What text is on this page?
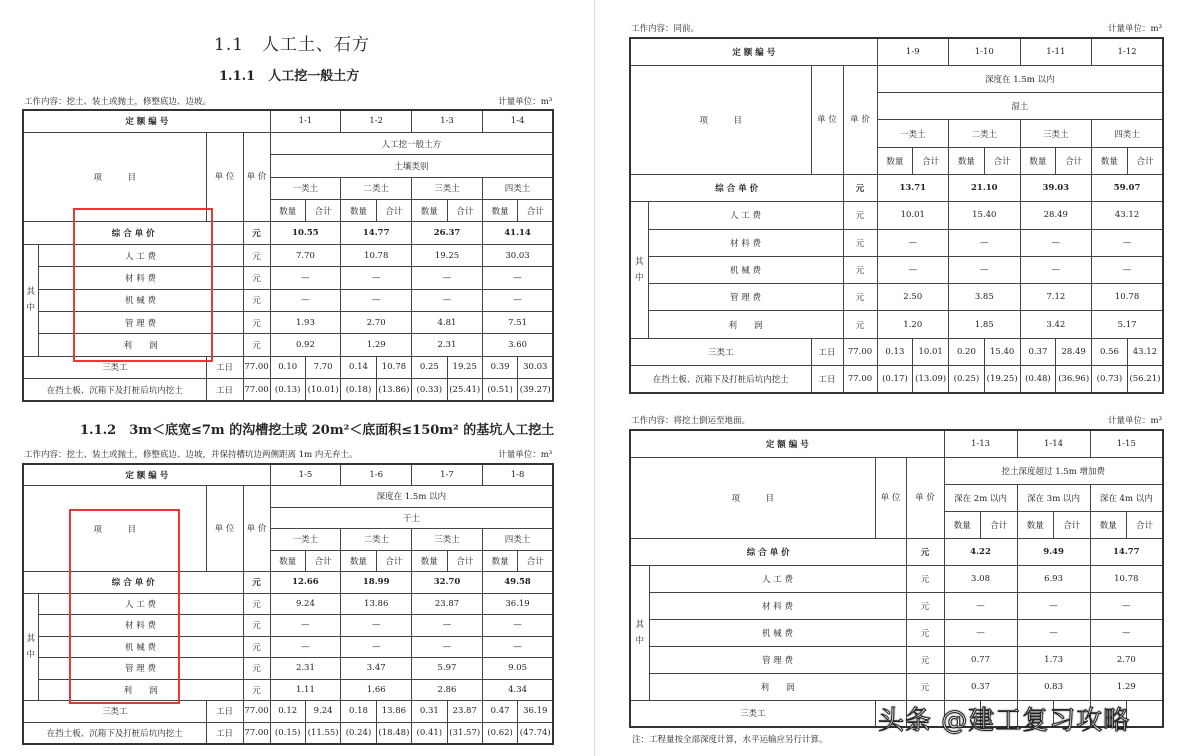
1.1　人工土、石方
1.1.1　人工挖一般土方
1.1.2　3m＜底宽≤7m 的沟槽挖土或 20m²＜底面积≤150m² 的基坑人工挖土
工作内容：挖土、装土或抛土，修整底边、边坡。	计量单位：m³
定 额 编 号				1-1		1-2		1-3		1-4	
项　　　目		单 位	单 价	人工挖一般土方							
				土壤类别							
				一类土		二类土		三类土		四类土	
				数量	合计	数量	合计	数量	合计	数量	合计
综 合 单 价			元	10.55		14.77		26.37		41.14	
其 中	人 工 费		元	7.70		10.78		19.25		30.03	
	材 料 费		元	—		—		—		—	
	机 械 费		元	—		—		—		—	
	管 理 费		元	1.93		2.70		4.81		7.51	
	利　　润		元	0.92		1.29		2.31		3.60	
三类工		工日	77.00	0.10	7.70	0.14	10.78	0.25	19.25	0.39	30.03
在挡土板、沉箱下及打桩后坑内挖土		工日	77.00	(0.13)	(10.01)	(0.18)	(13.86)	(0.33)	(25.41)	(0.51)	(39.27)
工作内容：挖土、装土或抛土，修整底边、边坡，并保持槽坑边两侧距离 1m 内无弃土。	计量单位：m³
定 额 编 号				1-5		1-6		1-7		1-8	
项　　　目		单 位	单 价	深度在 1.5m 以内							
				干土							
				一类土		二类土		三类土		四类土	
				数量	合计	数量	合计	数量	合计	数量	合计
综 合 单 价			元	12.66		18.99		32.70		49.58	
其 中	人 工 费		元	9.24		13.86		23.87		36.19	
	材 料 费		元	—		—		—		—	
	机 械 费		元	—		—		—		—	
	管 理 费		元	2.31		3.47		5.97		9.05	
	利　　润		元	1.11		1.66		2.86		4.34	
三类工		工日	77.00	0.12	9.24	0.18	13.86	0.31	23.87	0.47	36.19
在挡土板、沉箱下及打桩后坑内挖土		工日	77.00	(0.15)	(11.55)	(0.24)	(18.48)	(0.41)	(31.57)	(0.62)	(47.74)
工作内容：同前。	计量单位：m³
定 额 编 号				1-9		1-10		1-11		1-12	
项　　　目		单 位	单 价	深度在 1.5m 以内							
				湿土							
				一类土		二类土		三类土		四类土	
				数量	合计	数量	合计	数量	合计	数量	合计
综 合 单 价			元	13.71		21.10		39.03		59.07	
其 中	人 工 费		元	10.01		15.40		28.49		43.12	
	材 料 费		元	—		—		—		—	
	机 械 费		元	—		—		—		—	
	管 理 费		元	2.50		3.85		7.12		10.78	
	利　　润		元	1.20		1.85		3.42		5.17	
三类工		工日	77.00	0.13	10.01	0.20	15.40	0.37	28.49	0.56	43.12
在挡土板、沉箱下及打桩后坑内挖土		工日	77.00	(0.17)	(13.09)	(0.25)	(19.25)	(0.48)	(36.96)	(0.73)	(56.21)
工作内容：将挖土倒运至地面。	计量单位：m³
定 额 编 号				1-13		1-14		1-15	
项　　　目		单 位	单 价	挖土深度超过 1.5m 增加费					
				深在 2m 以内		深在 3m 以内		深在 4m 以内	
				数量	合计	数量	合计	数量	合计
综 合 单 价			元	4.22		9.49		14.77	
其 中	人 工 费		元	3.08		6.93		10.78	
	材 料 费		元	—		—		—	
	机 械 费		元	—		—		—	
	管 理 费		元	0.77		1.73		2.70	
	利　　润		元	0.37		0.83		1.29	
三类工									
注：工程量按全部深度计算，水平运输应另行计算。
头条 @建工复习攻略
